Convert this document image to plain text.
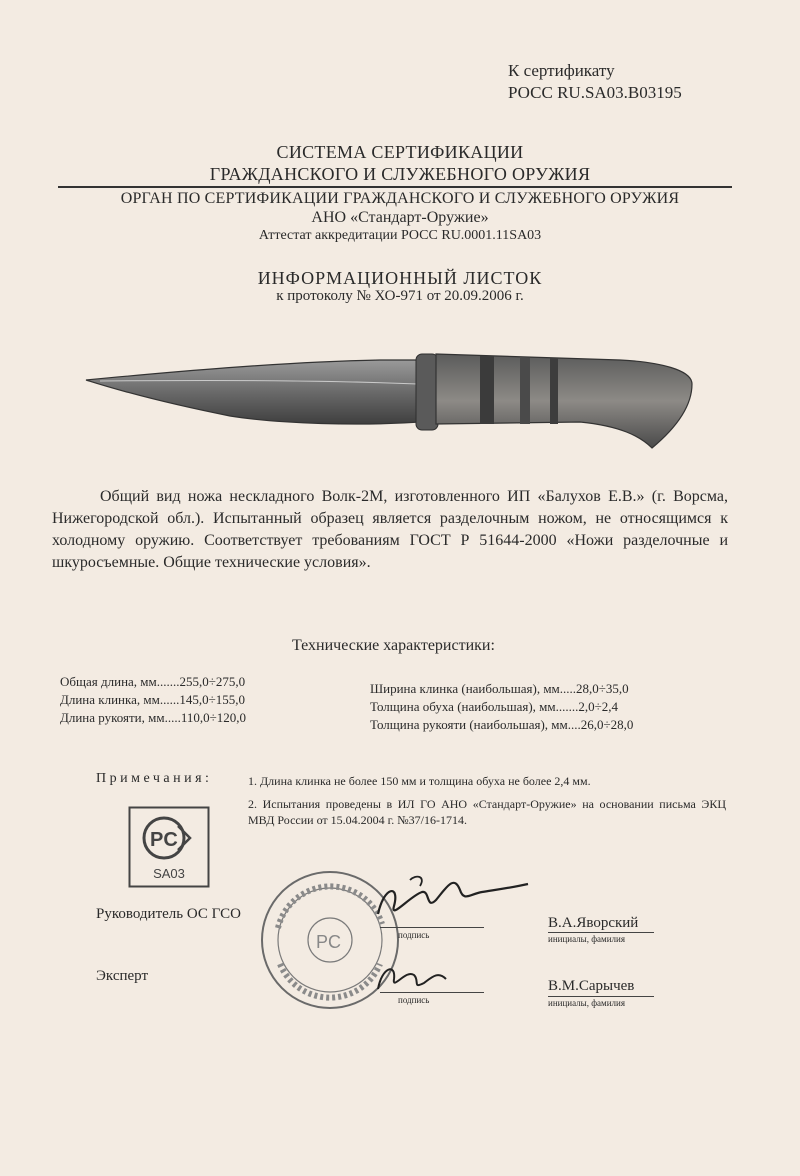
К сертификату
РОСС RU.SA03.B03195
СИСТЕМА СЕРТИФИКАЦИИ
ГРАЖДАНСКОГО И СЛУЖЕБНОГО ОРУЖИЯ
ОРГАН ПО СЕРТИФИКАЦИИ ГРАЖДАНСКОГО И СЛУЖЕБНОГО ОРУЖИЯ
АНО «Стандарт-Оружие»
Аттестат аккредитации РОСС RU.0001.11SA03
ИНФОРМАЦИОННЫЙ ЛИСТОК
к протоколу № ХО-971 от 20.09.2006 г.
Общий вид ножа нескладного Волк-2М, изготовленного ИП «Балухов Е.В.» (г. Ворсма, Нижегородской обл.). Испытанный образец является разделочным ножом, не относящимся к холодному оружию. Соответствует требованиям ГОСТ Р 51644-2000 «Ножи разделочные и шкуросъемные. Общие технические условия».
Технические характеристики:
Общая длина, мм.......255,0÷275,0
Длина клинка, мм......145,0÷155,0
Длина рукояти, мм.....110,0÷120,0
Ширина клинка (наибольшая), мм.....28,0÷35,0
Толщина обуха (наибольшая), мм.......2,0÷2,4
Толщина рукояти (наибольшая), мм....26,0÷28,0
Примечания:	1. Длина клинка не более 150 мм и толщина обуха не более 2,4 мм.
2. Испытания проведены в ИЛ ГО АНО «Стандарт-Оружие» на основании письма ЭКЦ МВД России от 15.04.2004 г. №37/16-1714.
PC
SA03
PC
Руководитель ОС ГСО
Эксперт
подпись
подпись
В.А.Яворский
инициалы, фамилия
В.М.Сарычев
инициалы, фамилия
